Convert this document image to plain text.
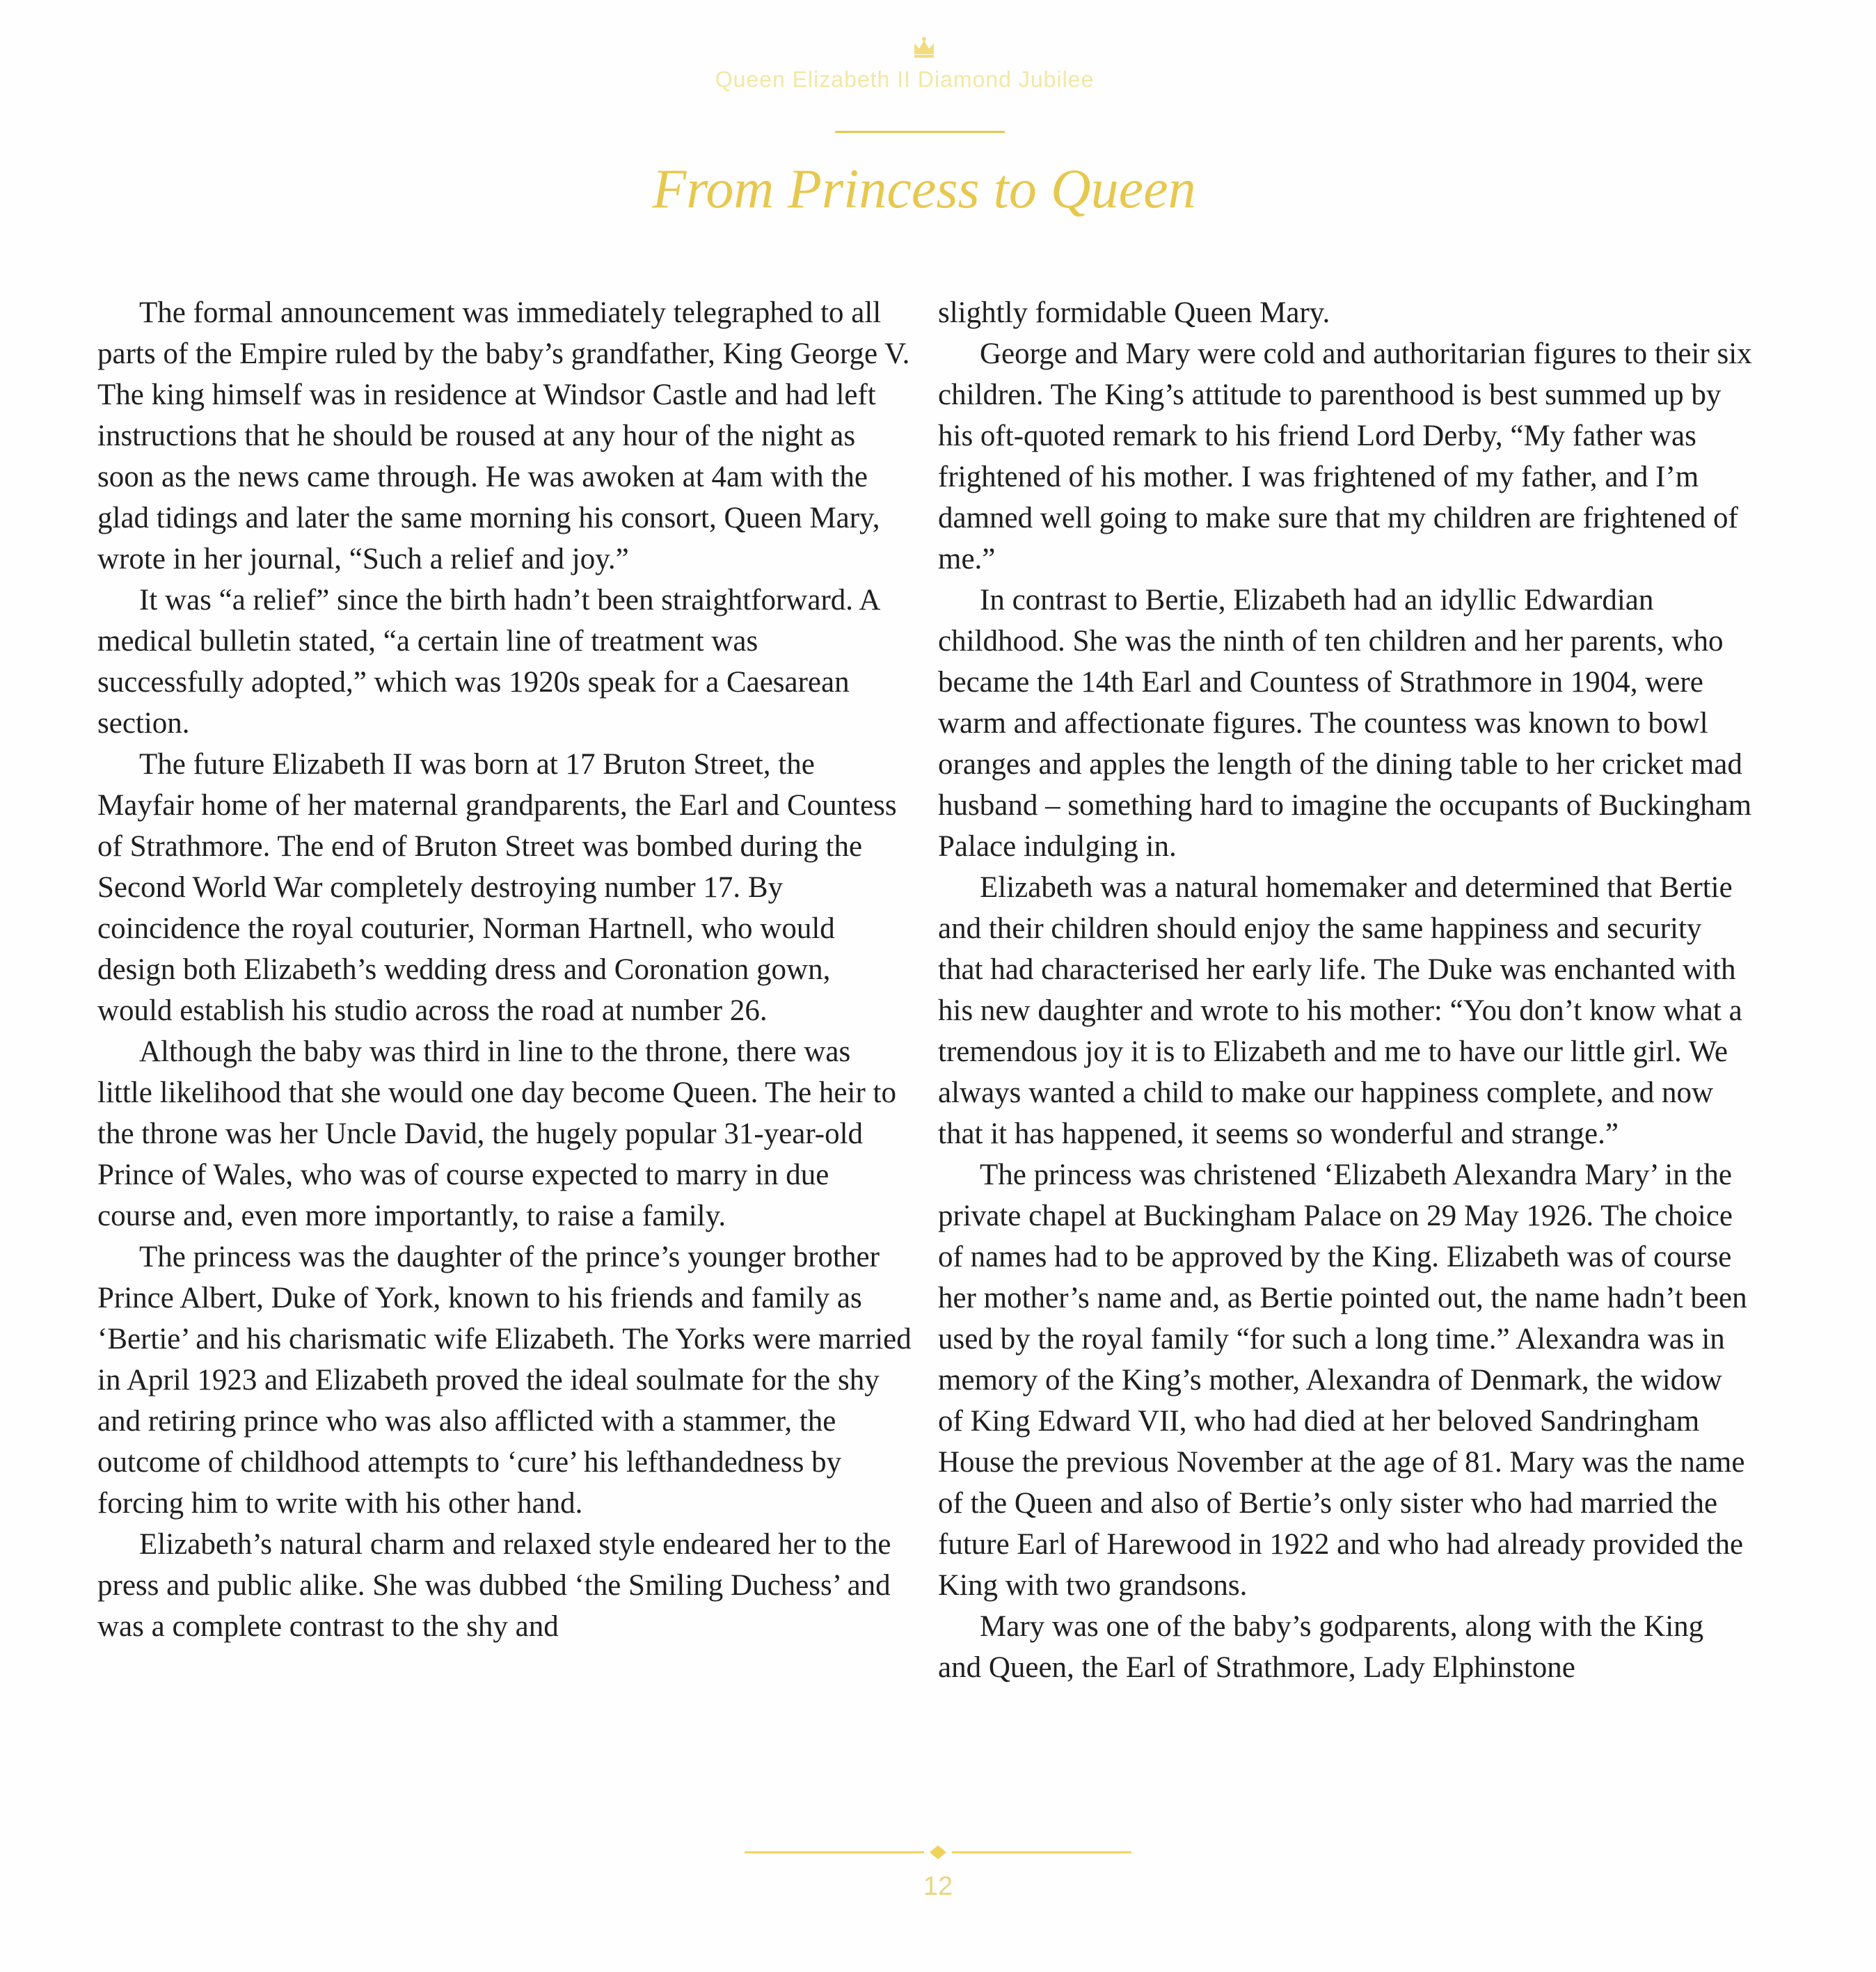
Queen Elizabeth II Diamond Jubilee
From Princess to Queen

The formal announcement was immediately telegraphed to all parts of the Empire ruled by the baby’s grandfather, King George V. The king himself was in residence at Windsor Castle and had left instructions that he should be roused at any hour of the night as soon as the news came through. He was awoken at 4am with the glad tidings and later the same morning his consort, Queen Mary, wrote in her journal, “Such a relief and joy.”

It was “a relief” since the birth hadn’t been straightforward. A medical bulletin stated, “a certain line of treatment was successfully adopted,” which was 1920s speak for a Caesarean section.

The future Elizabeth II was born at 17 Bruton Street, the Mayfair home of her maternal grandparents, the Earl and Countess of Strathmore. The end of Bruton Street was bombed during the Second World War completely destroying number 17. By coincidence the royal couturier, Norman Hartnell, who would design both Elizabeth’s wedding dress and Coronation gown, would establish his studio across the road at number 26.

Although the baby was third in line to the throne, there was little likelihood that she would one day become Queen. The heir to the throne was her Uncle David, the hugely popular 31-year-old Prince of Wales, who was of course expected to marry in due course and, even more importantly, to raise a family.

The princess was the daughter of the prince’s younger brother Prince Albert, Duke of York, known to his friends and family as ‘Bertie’ and his charismatic wife Elizabeth. The Yorks were married in April 1923 and Elizabeth proved the ideal soulmate for the shy and retiring prince who was also afflicted with a stammer, the outcome of childhood attempts to ‘cure’ his lefthandedness by forcing him to write with his other hand.

Elizabeth’s natural charm and relaxed style endeared her to the press and public alike. She was dubbed ‘the Smiling Duchess’ and was a complete contrast to the shy and

slightly formidable Queen Mary.

George and Mary were cold and authoritarian figures to their six children. The King’s attitude to parenthood is best summed up by his oft-quoted remark to his friend Lord Derby, “My father was frightened of his mother. I was frightened of my father, and I’m damned well going to make sure that my children are frightened of me.”

In contrast to Bertie, Elizabeth had an idyllic Edwardian childhood. She was the ninth of ten children and her parents, who became the 14th Earl and Countess of Strathmore in 1904, were warm and affectionate figures. The countess was known to bowl oranges and apples the length of the dining table to her cricket mad husband – something hard to imagine the occupants of Buckingham Palace indulging in.

Elizabeth was a natural homemaker and determined that Bertie and their children should enjoy the same happiness and security that had characterised her early life. The Duke was enchanted with his new daughter and wrote to his mother: “You don’t know what a tremendous joy it is to Elizabeth and me to have our little girl. We always wanted a child to make our happiness complete, and now that it has happened, it seems so wonderful and strange.”

The princess was christened ‘Elizabeth Alexandra Mary’ in the private chapel at Buckingham Palace on 29 May 1926. The choice of names had to be approved by the King. Elizabeth was of course her mother’s name and, as Bertie pointed out, the name hadn’t been used by the royal family “for such a long time.” Alexandra was in memory of the King’s mother, Alexandra of Denmark, the widow of King Edward VII, who had died at her beloved Sandringham House the previous November at the age of 81. Mary was the name of the Queen and also of Bertie’s only sister who had married the future Earl of Harewood in 1922 and who had already provided the King with two grandsons.

Mary was one of the baby’s godparents, along with the King and Queen, the Earl of Strathmore, Lady Elphinstone

12
